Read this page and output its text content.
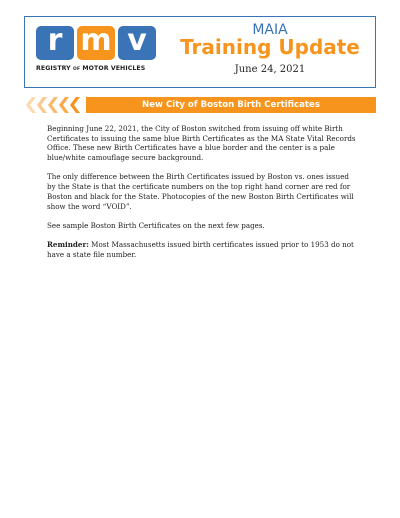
r m v
REGISTRY OF MOTOR VEHICLES
MAIA
Training Update
June 24, 2021
New City of Boston Birth Certificates

Beginning June 22, 2021, the City of Boston switched from issuing off white Birth Certificates to issuing the same blue Birth Certificates as the MA State Vital Records Office. These new Birth Certificates have a blue border and the center is a pale blue/white camouflage secure background.

The only difference between the Birth Certificates issued by Boston vs. ones issued by the State is that the certificate numbers on the top right hand corner are red for Boston and black for the State. Photocopies of the new Boston Birth Certificates will show the word “VOID”.

See sample Boston Birth Certificates on the next few pages.

Reminder: Most Massachusetts issued birth certificates issued prior to 1953 do not have a state file number.
